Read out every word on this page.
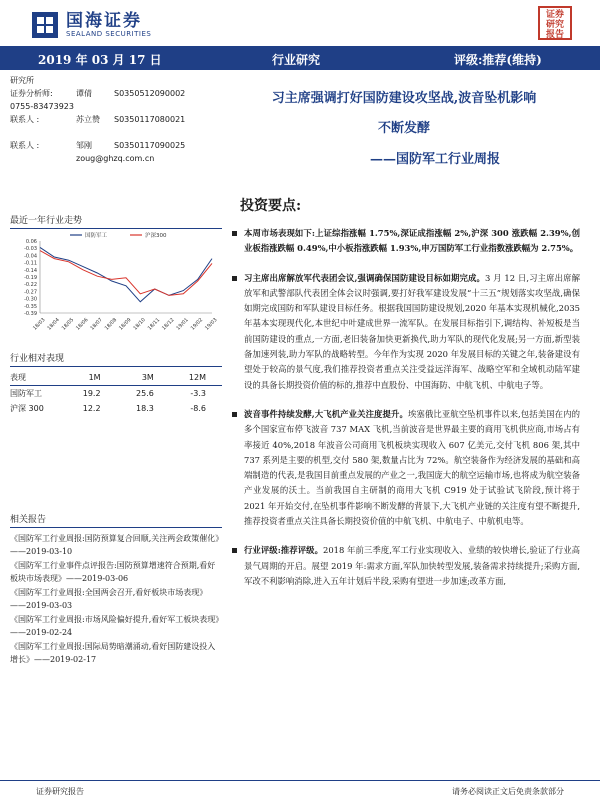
国海证券
SEALAND SECURITIES
证券研究报告
2019 年 03 月 17 日	行业研究	评级:推荐(维持)
研究所
证券分析师:	谭倩	S0350512090002
0755-83473923
联系人 :	苏立赞	S0350117080021
联系人 :	邹刚	S0350117090025
zoug@ghzq.com.cn
最近一年行业走势
0.06
-0.03
-0.04
-0.11
-0.14
-0.19
-0.22
-0.27
-0.30
-0.35
-0.39
18/03 18/04 18/05 18/06 18/07 18/08 18/09 18/10 18/11 18/12 19/01 19/02 19/03
国防军工	沪深300
行业相对表现
表现	1M	3M	12M
国防军工	19.2	25.6	-3.3
沪深 300	12.2	18.3	-8.6
相关报告

《国防军工行业周报:国防预算复合回顺,关注两会政策催化》——2019-03-10

《国防军工行业事件点评报告:国防预算增速符合预期,看好板块市场表现》——2019-03-06

《国防军工行业周报:全国两会召开,看好板块市场表现》——2019-03-03

《国防军工行业周报:市场风险偏好提升,看好军工板块表现》——2019-02-24

《国防军工行业周报:国际局势暗潮涌动,看好国防建设投入增长》——2019-02-17

习主席强调打好国防建设攻坚战,波音坠机影响
不断发酵
——国防军工行业周报
投资要点:
本周市场表现如下:上证综指涨幅 1.75%,深证成指涨幅 2%,沪深 300 涨跌幅 2.39%,创业板指涨跌幅 0.49%,中小板指涨跌幅 1.93%,申万国防军工行业指数涨跌幅为 2.75%。
习主席出席解放军代表团会议,强调确保国防建设目标如期完成。3 月 12 日,习主席出席解放军和武警部队代表团全体会议时强调,要打好我军建设发展“十三五”规划落实攻坚战,确保如期完成国防和军队建设目标任务。根据我国国防建设规划,2020 年基本实现机械化,2035 年基本实现现代化,本世纪中叶建成世界一流军队。在发展目标指引下,调结构、补短板是当前国防建设的重点,一方面,老旧装备加快更新换代,助力军队的现代化发展;另一方面,新型装备加速列装,助力军队的战略转型。今年作为实现 2020 年发展目标的关键之年,装备建设有望处于较高的景气度,我们推荐投资者重点关注受益远洋海军、战略空军和全域机动陆军建设的具备长期投资价值的标的,推荐中直股份、中国海防、中航飞机、中航电子等。
波音事件持续发酵,大飞机产业关注度提升。埃塞俄比亚航空坠机事件以来,包括美国在内的多个国家宣布停飞波音 737 MAX 飞机,当前波音是世界最主要的商用飞机供应商,市场占有率接近 40%,2018 年波音公司商用飞机板块实现收入 607 亿美元,交付飞机 806 架,其中 737 系列是主要的机型,交付 580 架,数量占比为 72%。航空装备作为经济发展的基础和高端制造的代表,是我国目前重点发展的产业之一,我国庞大的航空运输市场,也将成为航空装备产业发展的沃土。当前我国自主研制的商用大飞机 C919 处于试验试飞阶段,预计将于 2021 年开始交付,在坠机事件影响不断发酵的背景下,大飞机产业链的关注度有望不断提升,推荐投资者重点关注具备长期投资价值的中航飞机、中航电子、中航机电等。
行业评级:推荐评级。2018 年前三季度,军工行业实现收入、业绩的较快增长,验证了行业高景气周期的开启。展望 2019 年:需求方面,军队加快转型发展,装备需求持续提升;采购方面,军改不利影响消除,进入五年计划后半段,采购有望进一步加速;改革方面,
证券研究报告	请务必阅读正文后免责条款部分
